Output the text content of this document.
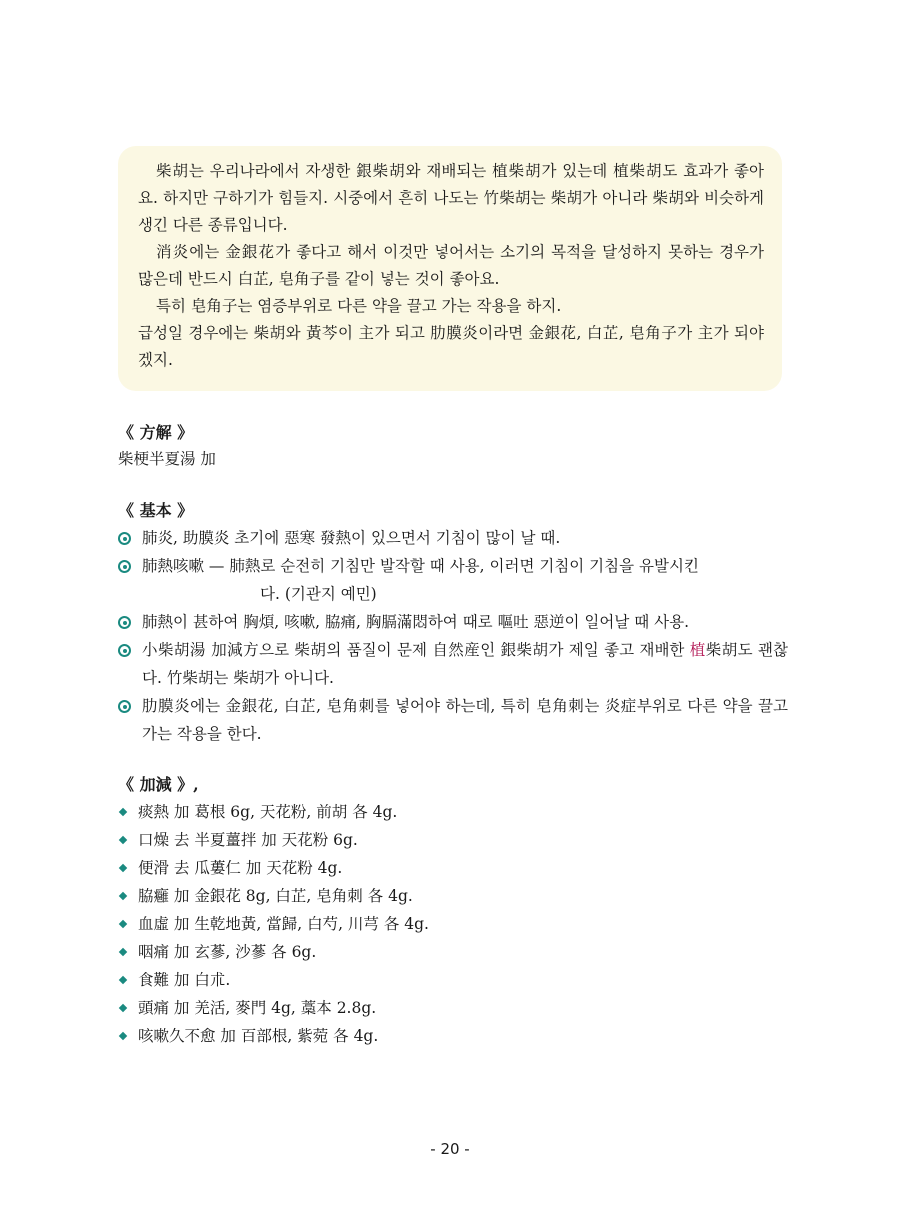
柴胡는 우리나라에서 자생한 銀柴胡와 재배되는 植柴胡가 있는데 植柴胡도 효과가 좋아요. 하지만 구하기가 힘들지. 시중에서 흔히 나도는 竹柴胡는 柴胡가 아니라 柴胡와 비슷하게 생긴 다른 종류입니다.

消炎에는 金銀花가 좋다고 해서 이것만 넣어서는 소기의 목적을 달성하지 못하는 경우가 많은데 반드시 白芷, 皂角子를 같이 넣는 것이 좋아요.

특히 皂角子는 염증부위로 다른 약을 끌고 가는 작용을 하지.

급성일 경우에는 柴胡와 黃芩이 主가 되고 肋膜炎이라면 金銀花, 白芷, 皂角子가 主가 되야겠지.

《 方解 》
柴梗半夏湯 加
《 基本 》
肺炎, 助膜炎 초기에 惡寒 發熱이 있으면서 기침이 많이 날 때.
肺熱咳嗽 — 肺熱로 순전히 기침만 발작할 때 사용, 이러면 기침이 기침을 유발시킨
다. (기관지 예민)
肺熱이 甚하여 胸煩, 咳嗽, 脇痛, 胸膈滿悶하여 때로 嘔吐 惡逆이 일어날 때 사용.
小柴胡湯 加減方으로 柴胡의 품질이 문제 自然産인 銀柴胡가 제일 좋고 재배한 植柴胡도 괜찮다. 竹柴胡는 柴胡가 아니다.
肋膜炎에는 金銀花, 白芷, 皂角刺를 넣어야 하는데, 특히 皂角刺는 炎症부위로 다른 약을 끌고 가는 작용을 한다.
《 加減 》,
痰熱 加 葛根 6g, 天花粉, 前胡 各 4g.
口燥 去 半夏薑拌 加 天花粉 6g.
便滑 去 瓜蔞仁 加 天花粉 4g.
脇癰 加 金銀花 8g, 白芷, 皂角刺 各 4g.
血虛 加 生乾地黃, 當歸, 白芍, 川芎 各 4g.
咽痛 加 玄蔘, 沙蔘 各 6g.
食難 加 白朮.
頭痛 加 羌活, 麥門 4g, 藁本 2.8g.
咳嗽久不愈 加 百部根, 紫菀 各 4g.
- 20 -
